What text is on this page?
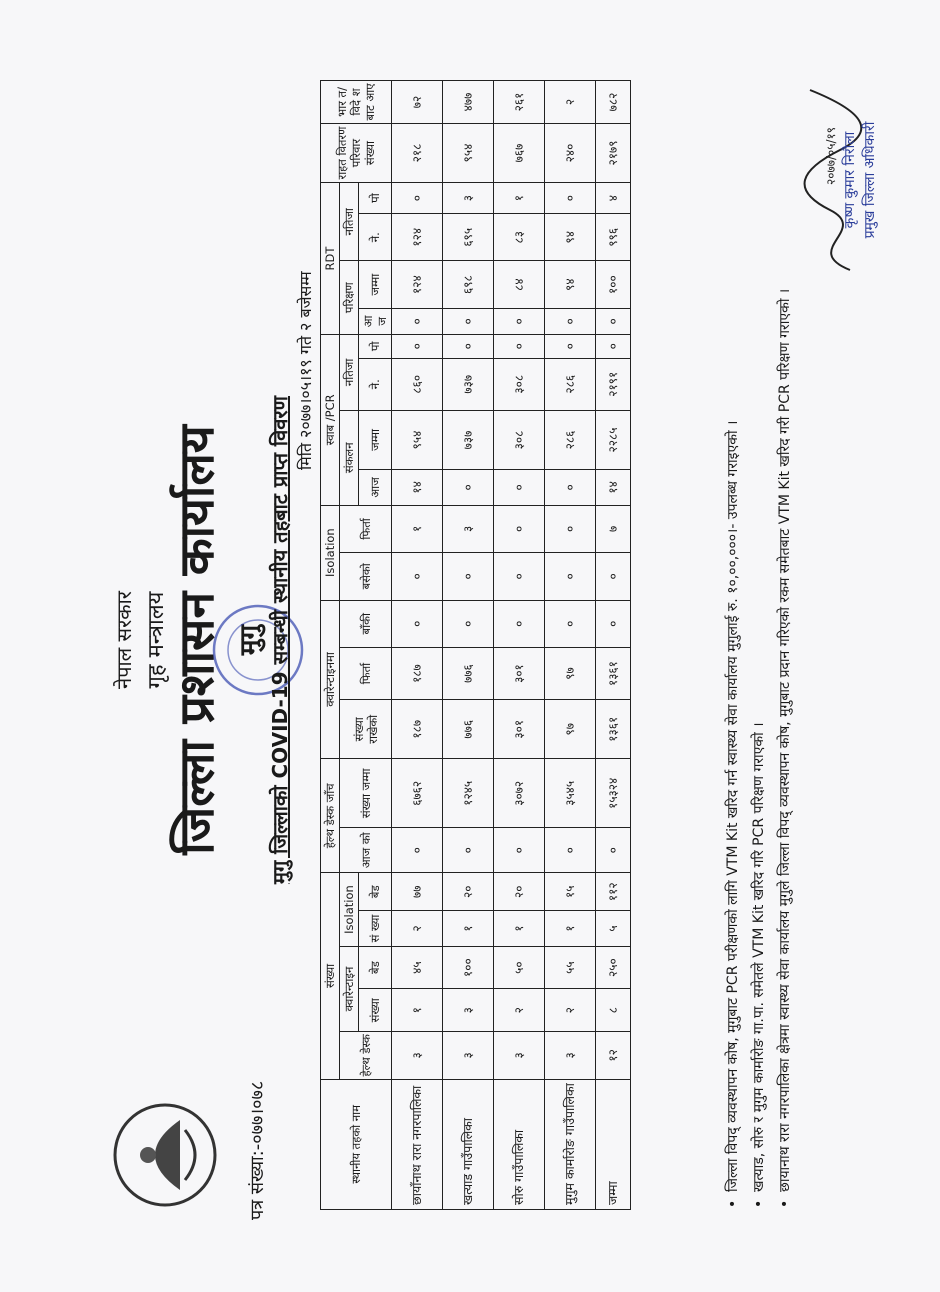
पत्र संख्या:-०७७।०७८
नेपाल सरकार गृह मन्त्रालय जिल्ला प्रशासन कार्यालय मुगु मुगु जिल्लाको COVID-19 सम्बन्धी स्थानीय तहबाट प्राप्त विवरण
मिति २०७७।०५।१९ गते २ बजेसम्म
स्थानीय तहको नाम	संख्या					हेल्थ डेस्क जाँच		क्वारेन्टाइनमा			Isolation		स्वाब /PCR				RDT				राहत वितरण परिवार संख्या	भार त/ विदे श बाट आए
	हेल्थ डेस्क	क्वारेन्टाइन		Isolation		आज को	संख्या जम्मा	संख्या राखेको	फिर्ता	बाँकी	बसेको	फिर्ता	संकलन		नतिजा		परिक्षण		नतिजा			
		संख्या	बेड	सं ख्या	बेड								आज	जम्मा	ने.	पो	आ ज	जम्मा	ने.	पो		
छायाँनाथ रारा नगरपालिका	३	१	४५	२	७७	०	६७६२	१८७	१८७	०	०	१	१४	९५४	८६०	०	०	१२४	१२४	०	२१८	७२
खत्याड गाउँपालिका	३	३	१००	१	२०	०	१२४५	७७६	७७६	०	०	३	०	७३७	७३७	०	०	६९८	६९५	३	९५४	४७७
सोरु गाउँपालिका	३	२	५०	१	२०	०	३०७२	३०१	३०१	०	०	०	०	३०८	३०८	०	०	८४	८३	१	७६७	२६१
मुगुम कार्मारोङ गाउँपालिका	३	२	५५	१	१५	०	३५४५	९७	९७	०	०	०	०	२८६	२८६	०	०	९४	९४	०	२४०	२
जम्मा	१२	८	२५०	५	११२	०	१५३२४	१३६१	१३६१	०	०	७	१४	२२८५	२१९१	०	०	१००	९९६	४	२१७९	७८२
• जिल्ला विपद् व्यवस्थापन कोष, मुगुबाट PCR परीक्षणको लागि VTM Kit खरिद गर्न स्वास्थ्य सेवा कार्यालय मुगुलाई रु. १०,००,०००।- उपलब्ध गराइएको । • खत्याड, सोरु र मुगुम कार्मारोङ गा.पा. समेतले VTM Kit खरिद गरि PCR परिक्षण गराएको । • छायानाथ रारा नगरपालिका क्षेत्रमा स्वास्थ्य सेवा कार्यालय मुगुले जिल्ला विपद् व्यवस्थापन कोष, मुगुबाट प्रदान गरिएको रकम समेतबाट VTM Kit खरिद गरी PCR परिक्षण गराएको ।
२०७७/०५/१९ कृष्ण कुमार निरौला प्रमुख जिल्ला अधिकारी
